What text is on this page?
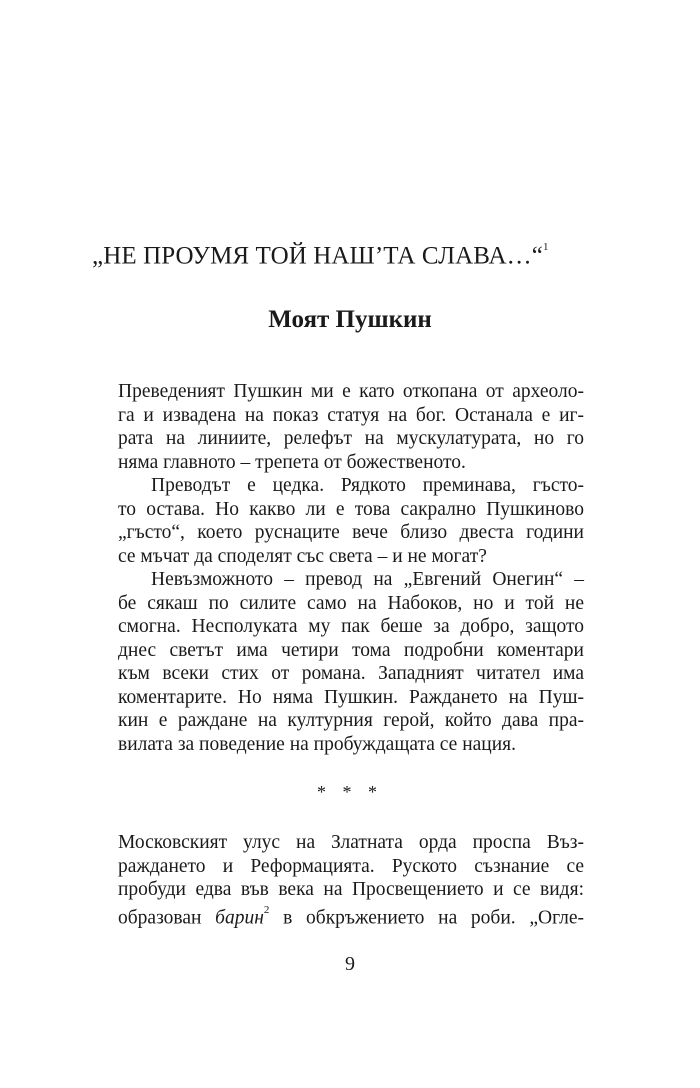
„НЕ ПРОУМЯ ТОЙ НАШ’ТА СЛАВА…“$^1$
Моят Пушкин

Преведеният Пушкин ми е като откопана от археоло-
га и извадена на показ статуя на бог. Останала е иг-
рата на линиите, релефът на мускулатурата, но го
няма главното – трепета от божественото.

Преводът е цедка. Рядкото преминава, гъсто-
то остава. Но какво ли е това сакрално Пушкиново
„гъсто“, което руснаците вече близо двеста години
се мъчат да споделят със света – и не могат?

Невъзможното – превод на „Евгений Онегин“ –
бе сякаш по силите само на Набоков, но и той не
смогна. Несполуката му пак беше за добро, защото
днес светът има четири тома подробни коментари
към всеки стих от романа. Западният читател има
коментарите. Но няма Пушкин. Раждането на Пуш-
кин е раждане на културния герой, който дава пра-
вилата за поведение на пробуждащата се нация.

* * *

Московският улус на Златната орда проспа Въз-
раждането и Реформацията. Руското съзнание се
пробуди едва във века на Просвещението и се видя:
образован барин$^2$ в обкръжението на роби. „Огле-

9
